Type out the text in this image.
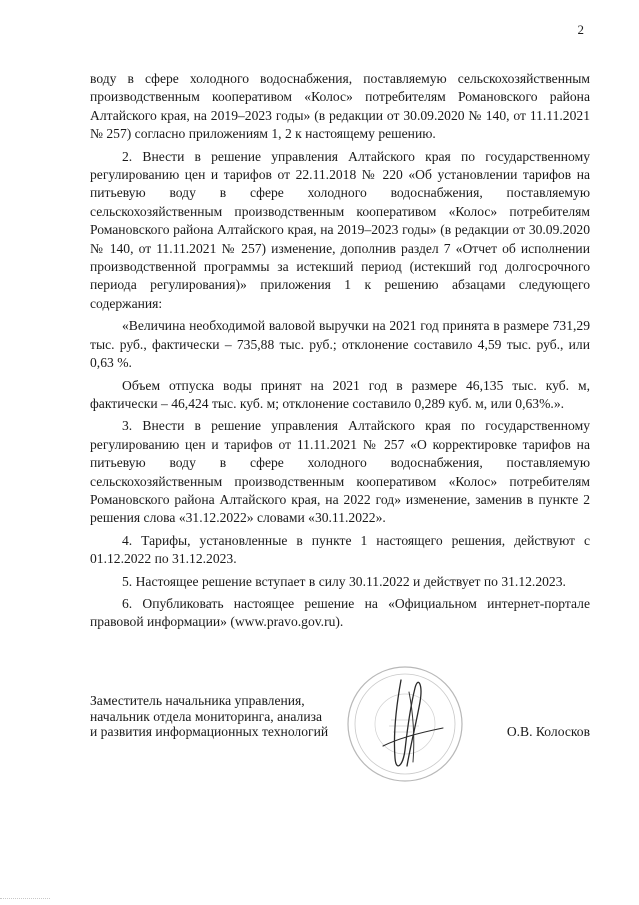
2

воду в сфере холодного водоснабжения, поставляемую сельскохозяйственным производственным кооперативом «Колос» потребителям Романовского района Алтайского края, на 2019–2023 годы» (в редакции от 30.09.2020 № 140, от 11.11.2021 № 257) согласно приложениям 1, 2 к настоящему решению.

2. Внести в решение управления Алтайского края по государственному регулированию цен и тарифов от 22.11.2018 № 220 «Об установлении тарифов на питьевую воду в сфере холодного водоснабжения, поставляемую сельскохозяйственным производственным кооперативом «Колос» потребителям Романовского района Алтайского края, на 2019–2023 годы» (в редакции от 30.09.2020 № 140, от 11.11.2021 № 257) изменение, дополнив раздел 7 «Отчет об исполнении производственной программы за истекший период (истекший год долгосрочного периода регулирования)» приложения 1 к решению абзацами следующего содержания:

«Величина необходимой валовой выручки на 2021 год принята в размере 731,29 тыс. руб., фактически – 735,88 тыс. руб.; отклонение составило 4,59 тыс. руб., или 0,63 %.

Объем отпуска воды принят на 2021 год в размере 46,135 тыс. куб. м, фактически – 46,424 тыс. куб. м; отклонение составило 0,289 куб. м, или 0,63%.».

3. Внести в решение управления Алтайского края по государственному регулированию цен и тарифов от 11.11.2021 № 257 «О корректировке тарифов на питьевую воду в сфере холодного водоснабжения, поставляемую сельскохозяйственным производственным кооперативом «Колос» потребителям Романовского района Алтайского края, на 2022 год» изменение, заменив в пункте 2 решения слова «31.12.2022» словами «30.11.2022».

4. Тарифы, установленные в пункте 1 настоящего решения, действуют с 01.12.2022 по 31.12.2023.

5. Настоящее решение вступает в силу 30.11.2022 и действует по 31.12.2023.

6. Опубликовать настоящее решение на «Официальном интернет-портале правовой информации» (www.pravo.gov.ru).

Заместитель начальника управления,
начальник отдела мониторинга, анализа
и развития информационных технологий	О.В. Колосков
